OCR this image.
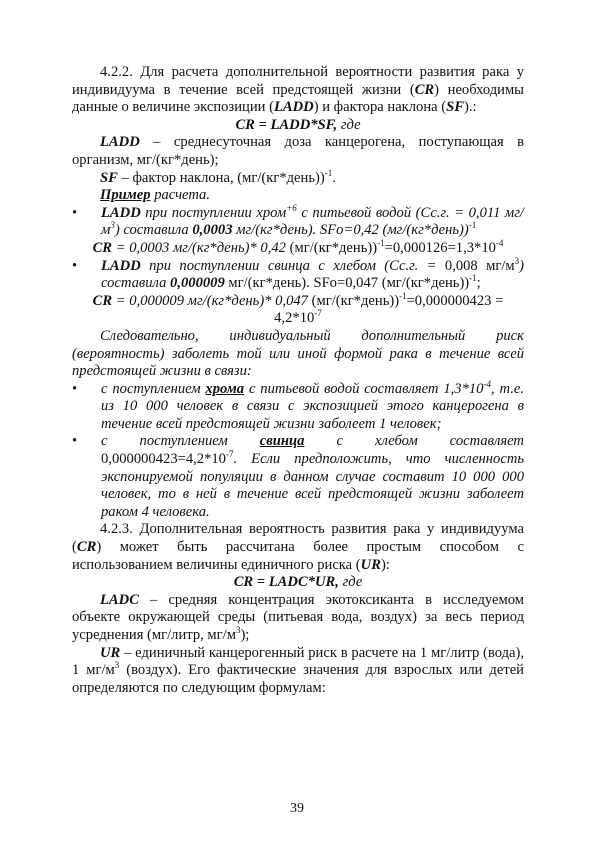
4.2.2. Для расчета дополнительной вероятности развития рака у индивидуума в течение всей предстоящей жизни (CR) необходимы данные о величине экспозиции (LADD) и фактора наклона (SF).:

CR = LADD*SF, где

LADD – среднесуточная доза канцерогена, поступающая в организм, мг/(кг*день);

SF – фактор наклона, (мг/(кг*день))$^{-1}$.

Пример расчета.

• LADD при поступлении хром$^{+6}$ с питьевой водой (Сс.г. = 0,011 $мг/м^3$) составила 0,0003 мг/(кг*день). SFo=0,42 (мг/(кг*день))$^{-1}$

CR = 0,0003 мг/(кг*день)* 0,42 $(мг/(кг*день))^{-1}=0,000126=1,3*10^{-4}$

• LADD при поступлении свинца с хлебом (Сс.г. = 0,008 $мг/м^3$) составила 0,000009 мг/(кг*день). SFo=0,047 (мг/(кг*день))$^{-1}$;

CR = 0,000009 мг/(кг*день)* 0,047 (мг/(кг*день))$^{-1}$=0,000000423 =
$4,2*10^{-7}$

Следовательно, индивидуальный дополнительный риск (вероятность) заболеть той или иной формой рака в течение всей предстоящей жизни в связи:

• с поступлением хрома с питьевой водой составляет $1,3*10^{-4}$, т.е. из 10 000 человек в связи с экспозицией этого канцерогена в течение всей предстоящей жизни заболеет 1 человек;
• с поступлением свинца с хлебом составляет
$0,000000423=4,2*10^{-7}$. Если предположить, что численность экспонируемой популяции в данном случае составит 10 000 000 человек, то в ней в течение всей предстоящей жизни заболеет раком 4 человека.

4.2.3. Дополнительная вероятность развития рака у индивидуума (CR) может быть рассчитана более простым способом с использованием величины единичного риска (UR):

CR = LADC*UR, где

LADC – средняя концентрация экотоксиканта в исследуемом объекте окружающей среды (питьевая вода, воздух) за весь период усреднения (мг/литр, $мг/м^3$);

UR – единичный канцерогенный риск в расчете на 1 мг/литр (вода), 1 $мг/м^3$ (воздух). Его фактические значения для взрослых или детей определяются по следующим формулам:

39
